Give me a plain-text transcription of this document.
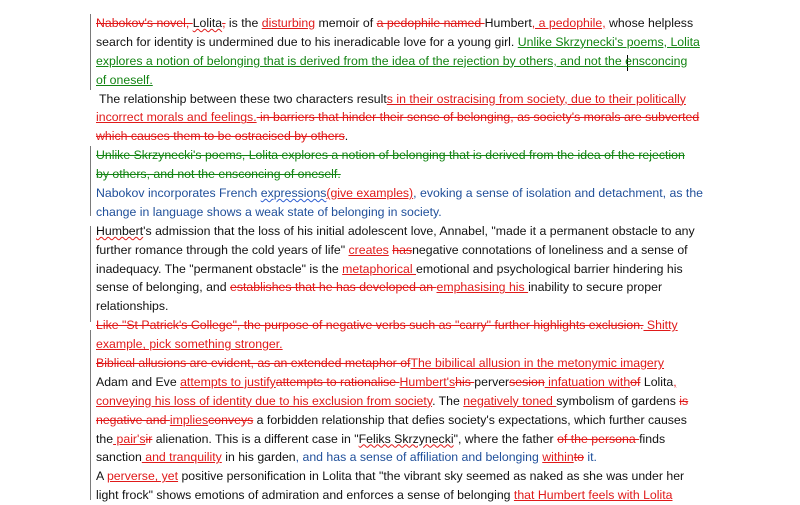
Nabokov's novel, Lolita, is the disturbing memoir of a pedophile named Humbert, a pedophile, whose helpless
search for identity is undermined due to his ineradicable love for a young girl. Unlike Skrzynecki's poems, Lolita
explores a notion of belonging that is derived from the idea of the rejection by others, and not the ensconcing
of oneself.
The relationship between these two characters results in their ostracising from society, due to their politically
incorrect morals and feelings. in barriers that hinder their sense of belonging, as society's morals are subverted
which causes them to be ostracised by others.
Unlike Skrzynecki's poems, Lolita explores a notion of belonging that is derived from the idea of the rejection
by others, and not the ensconcing of oneself.
Nabokov incorporates French expressions(give examples), evoking a sense of isolation and detachment, as the
change in language shows a weak state of belonging in society.
Humbert's admission that the loss of his initial adolescent love, Annabel, "made it a permanent obstacle to any
further romance through the cold years of life" creates hasnegative connotations of loneliness and a sense of
inadequacy. The "permanent obstacle" is the metaphorical emotional and psychological barrier hindering his
sense of belonging, and establishes that he has developed an emphasising his inability to secure proper
relationships.
Like "St Patrick's College", the purpose of negative verbs such as "carry" further highlights exclusion. Shitty
example, pick something stronger.
Biblical allusions are evident, as an extended metaphor ofThe bibilical allusion in the metonymic imagery
Adam and Eve attempts to justifyattempts to rationalise Humbert'shis perversesion infatuation withof Lolita,
conveying his loss of identity due to his exclusion from society. The negatively toned symbolism of gardens is
negative and impliesconveys a forbidden relationship that defies society's expectations, which further causes
the pair'sir alienation. This is a different case in "Feliks Skrzynecki", where the father of the persona finds
sanction and tranquility in his garden, and has a sense of affiliation and belonging withinto it.
A perverse, yet positive personification in Lolita that "the vibrant sky seemed as naked as she was under her
light frock" shows emotions of admiration and enforces a sense of belonging that Humbert feels with Lolita
